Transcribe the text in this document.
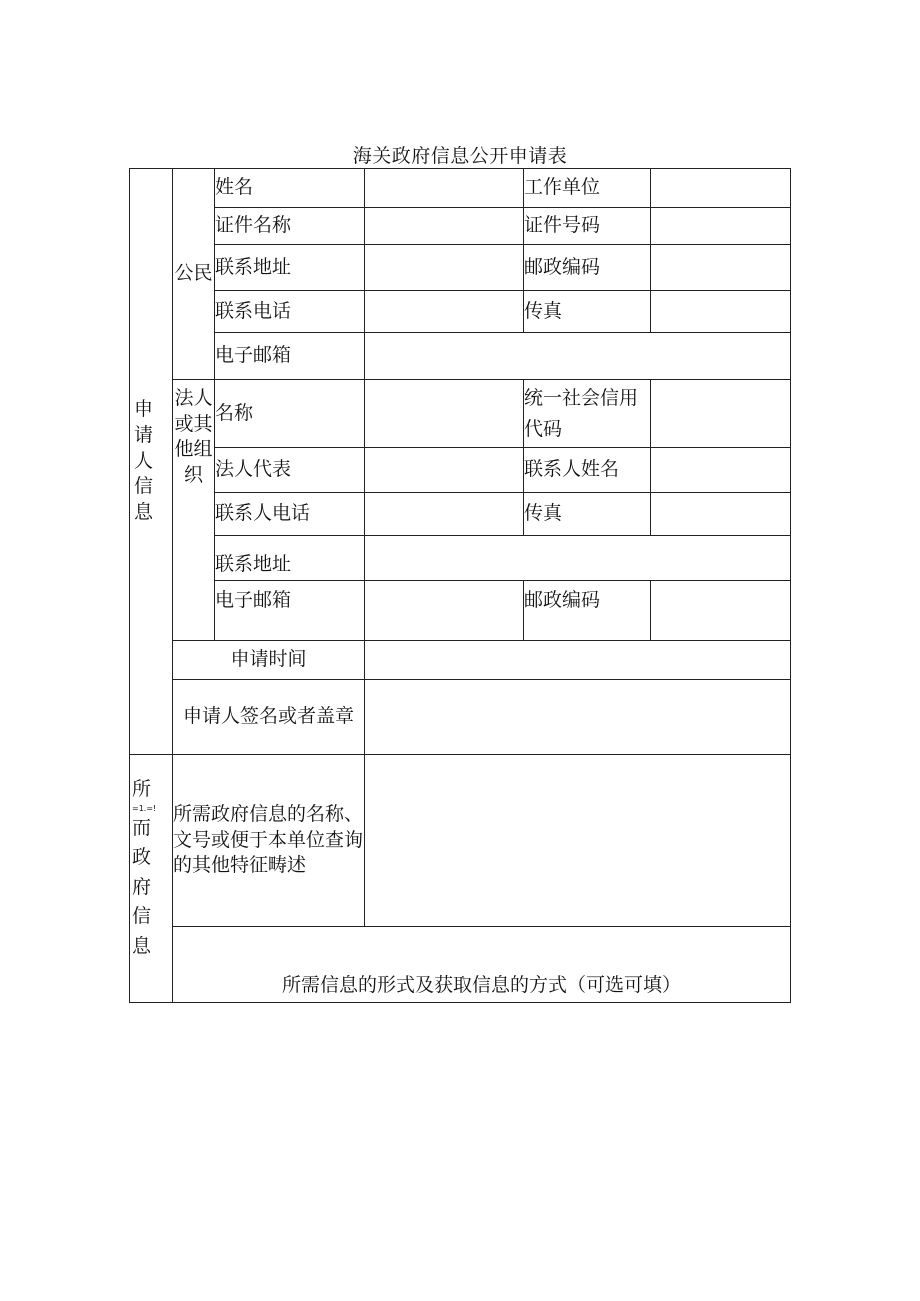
海关政府信息公开申请表
申请人信息	公民	姓名		工作单位	
		证件名称		证件号码	
		联系地址		邮政编码	
		联系电话		传真	
		电子邮箱			
	法人或其他组织	名称		统一社会信用代码	
		法人代表		联系人姓名	
		联系人电话		传真	
		联系地址			
		电子邮箱		邮政编码	

	申请时间				
	申请人签名或者盖章				

所
=1.=!
而政府信息	所需政府信息的名称、文号或便于本单位查询的其他特征畴述				
	所需信息的形式及获取信息的方式（可选可填）				
